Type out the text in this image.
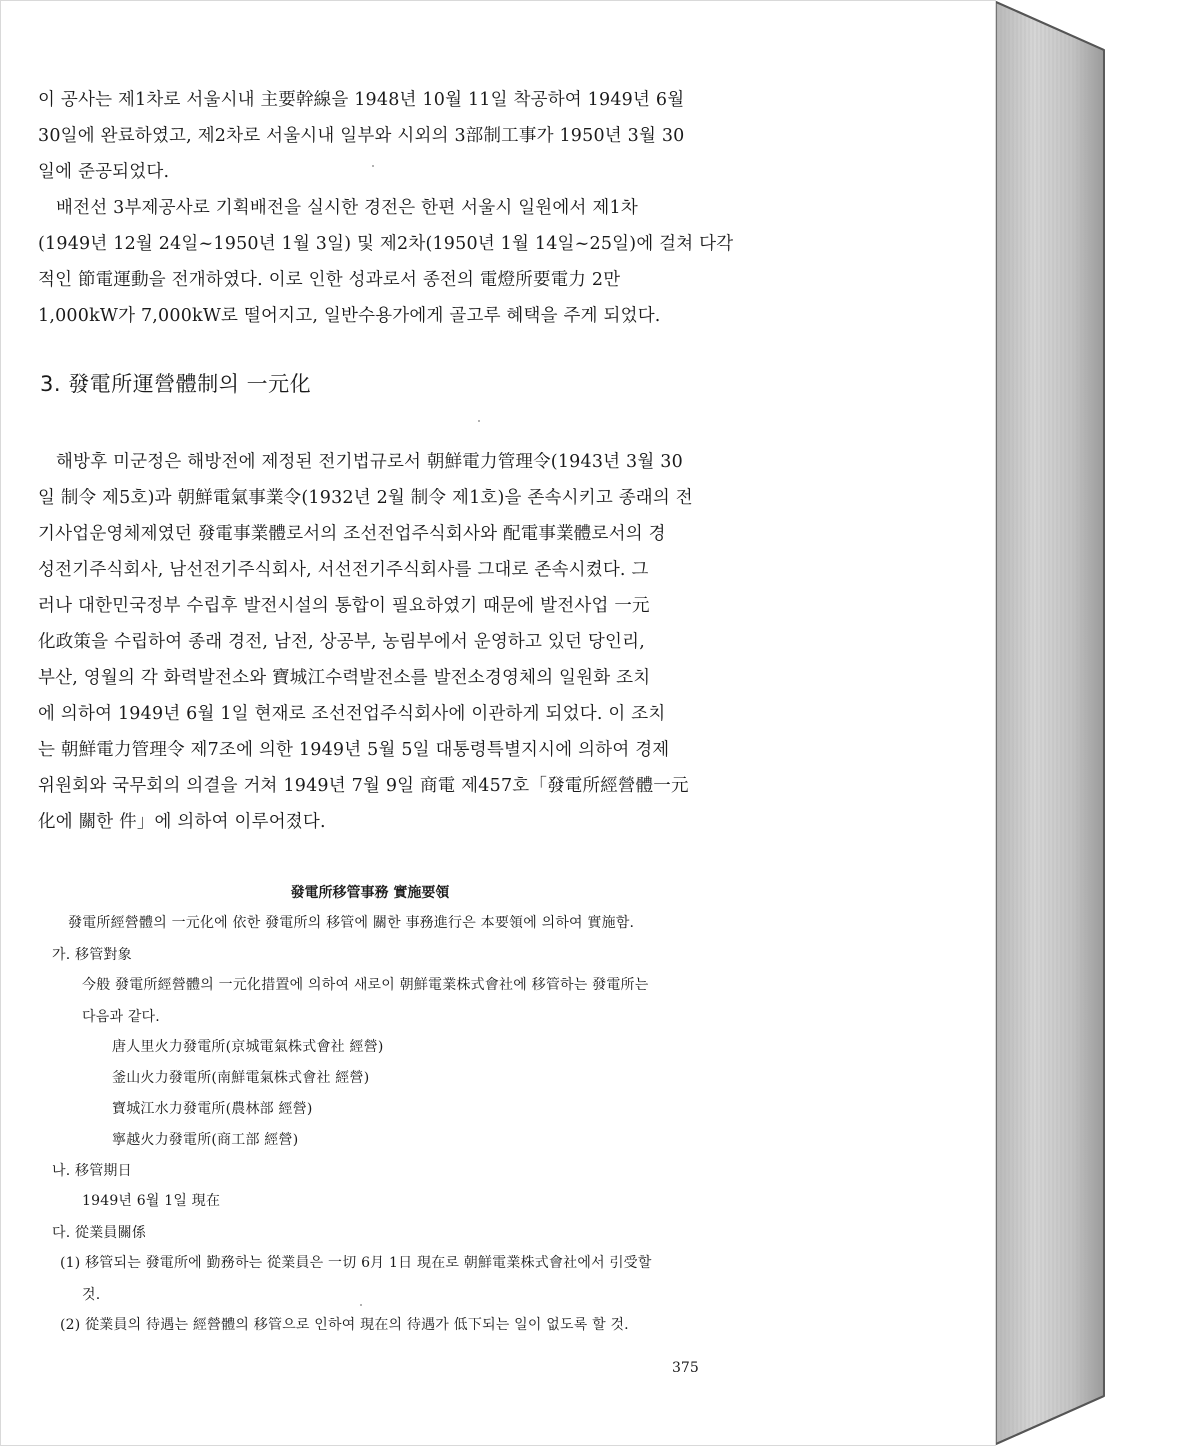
이 공사는 제1차로 서울시내 主要幹線을 1948년 10월 11일 착공하여 1949년 6월
30일에 완료하였고, 제2차로 서울시내 일부와 시외의 3部制工事가 1950년 3월 30
일에 준공되었다.
배전선 3부제공사로 기획배전을 실시한 경전은 한편 서울시 일원에서 제1차
(1949년 12월 24일~1950년 1월 3일) 및 제2차(1950년 1월 14일~25일)에 걸쳐 다각
적인 節電運動을 전개하였다. 이로 인한 성과로서 종전의 電燈所要電力 2만
1,000kW가 7,000kW로 떨어지고, 일반수용가에게 골고루 혜택을 주게 되었다.
3. 發電所運營體制의 一元化
해방후 미군정은 해방전에 제정된 전기법규로서 朝鮮電力管理令(1943년 3월 30
일 制令 제5호)과 朝鮮電氣事業令(1932년 2월 制令 제1호)을 존속시키고 종래의 전
기사업운영체제였던 發電事業體로서의 조선전업주식회사와 配電事業體로서의 경
성전기주식회사, 남선전기주식회사, 서선전기주식회사를 그대로 존속시켰다. 그
러나 대한민국정부 수립후 발전시설의 통합이 필요하였기 때문에 발전사업 一元
化政策을 수립하여 종래 경전, 남전, 상공부, 농림부에서 운영하고 있던 당인리,
부산, 영월의 각 화력발전소와 寶城江수력발전소를 발전소경영체의 일원화 조치
에 의하여 1949년 6월 1일 현재로 조선전업주식회사에 이관하게 되었다. 이 조치
는 朝鮮電力管理令 제7조에 의한 1949년 5월 5일 대통령특별지시에 의하여 경제
위원회와 국무회의 의결을 거쳐 1949년 7월 9일 商電 제457호「發電所經營體一元
化에 關한 件」에 의하여 이루어졌다.
發電所移管事務 實施要領
發電所經營體의 一元化에 依한 發電所의 移管에 關한 事務進行은 本要領에 의하여 實施함.
가. 移管對象
今般 發電所經營體의 一元化措置에 의하여 새로이 朝鮮電業株式會社에 移管하는 發電所는
다음과 같다.
唐人里火力發電所(京城電氣株式會社 經營)
釜山火力發電所(南鮮電氣株式會社 經營)
寶城江水力發電所(農林部 經營)
寧越火力發電所(商工部 經營)
나. 移管期日
1949년 6월 1일 現在
다. 從業員關係
(1) 移管되는 發電所에 勤務하는 從業員은 一切 6月 1日 現在로 朝鮮電業株式會社에서 引受할
것.
(2) 從業員의 待遇는 經營體의 移管으로 인하여 現在의 待遇가 低下되는 일이 없도록 할 것.
375
